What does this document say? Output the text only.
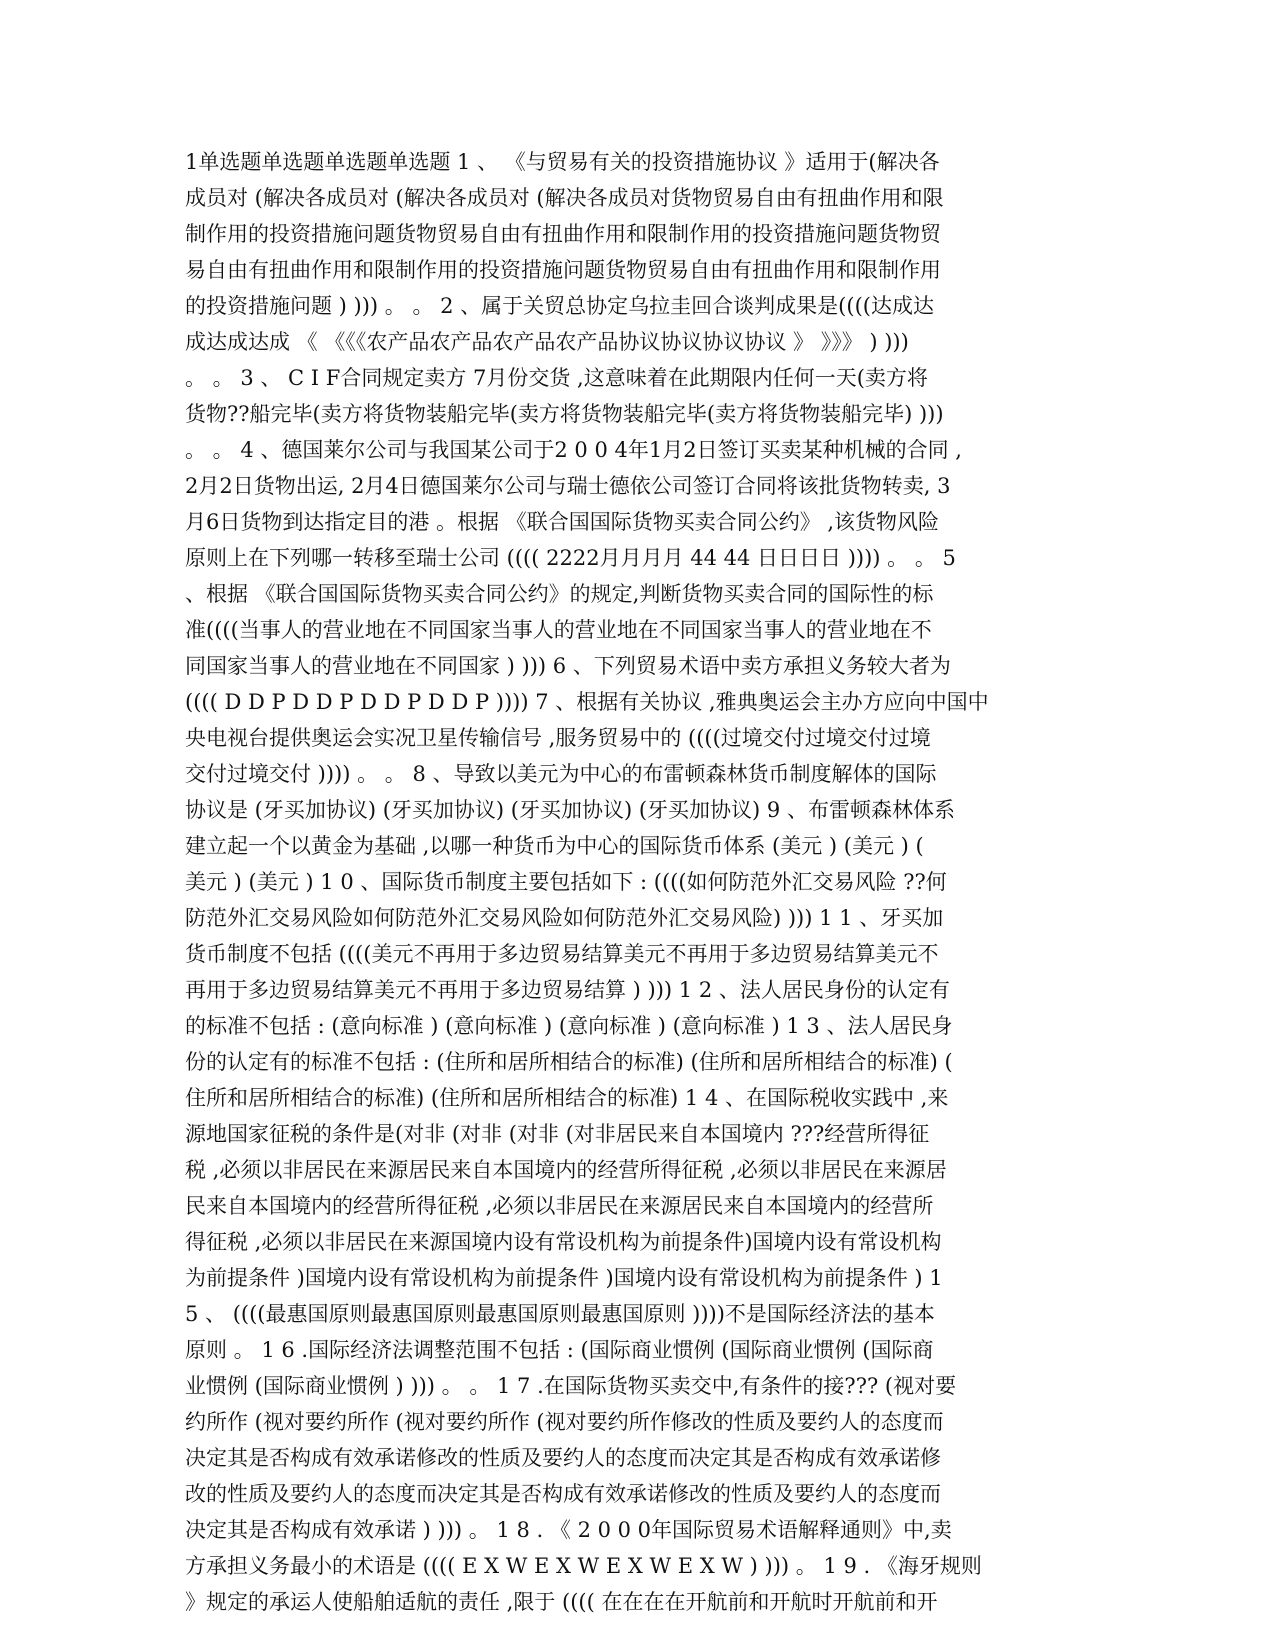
1单选题单选题单选题单选题 1 、 《与贸易有关的投资措施协议 》适用于(解决各
成员对 (解决各成员对 (解决各成员对 (解决各成员对货物贸易自由有扭曲作用和限
制作用的投资措施问题货物贸易自由有扭曲作用和限制作用的投资措施问题货物贸
易自由有扭曲作用和限制作用的投资措施问题货物贸易自由有扭曲作用和限制作用
的投资措施问题 ) ))) 。 。 2 、属于关贸总协定乌拉圭回合谈判成果是((((达成达
成达成达成 《 《《《农产品农产品农产品农产品协议协议协议协议 》 》》》 ) )))
。 。 3 、 C I F合同规定卖方 7月份交货 ,这意味着在此期限内任何一天(卖方将
货物??船完毕(卖方将货物装船完毕(卖方将货物装船完毕(卖方将货物装船完毕) )))
。 。 4 、德国莱尔公司与我国某公司于2 0 0 4年1月2日签订买卖某种机械的合同 ,
2月2日货物出运, 2月4日德国莱尔公司与瑞士德依公司签订合同将该批货物转卖, 3
月6日货物到达指定目的港 。根据 《联合国国际货物买卖合同公约》 ,该货物风险
原则上在下列哪一转移至瑞士公司 (((( 2222月月月月 44 44 日日日日 )))) 。 。 5
、根据 《联合国国际货物买卖合同公约》的规定,判断货物买卖合同的国际性的标
准((((当事人的营业地在不同国家当事人的营业地在不同国家当事人的营业地在不
同国家当事人的营业地在不同国家 ) ))) 6 、下列贸易术语中卖方承担义务较大者为
(((( D D P D D P D D P D D P )))) 7 、根据有关协议 ,雅典奥运会主办方应向中国中
央电视台提供奥运会实况卫星传输信号 ,服务贸易中的 ((((过境交付过境交付过境
交付过境交付 )))) 。 。 8 、导致以美元为中心的布雷顿森林货币制度解体的国际
协议是 (牙买加协议) (牙买加协议) (牙买加协议) (牙买加协议) 9 、布雷顿森林体系
建立起一个以黄金为基础 ,以哪一种货币为中心的国际货币体系 (美元 ) (美元 ) (
美元 ) (美元 ) 1 0 、国际货币制度主要包括如下 : ((((如何防范外汇交易风险 ??何
防范外汇交易风险如何防范外汇交易风险如何防范外汇交易风险) ))) 1 1 、牙买加
货币制度不包括 ((((美元不再用于多边贸易结算美元不再用于多边贸易结算美元不
再用于多边贸易结算美元不再用于多边贸易结算 ) ))) 1 2 、法人居民身份的认定有
的标准不包括 : (意向标准 ) (意向标准 ) (意向标准 ) (意向标准 ) 1 3 、法人居民身
份的认定有的标准不包括 : (住所和居所相结合的标准) (住所和居所相结合的标准) (
住所和居所相结合的标准) (住所和居所相结合的标准) 1 4 、在国际税收实践中 ,来
源地国家征税的条件是(对非 (对非 (对非 (对非居民来自本国境内 ???经营所得征
税 ,必须以非居民在来源居民来自本国境内的经营所得征税 ,必须以非居民在来源居
民来自本国境内的经营所得征税 ,必须以非居民在来源居民来自本国境内的经营所
得征税 ,必须以非居民在来源国境内设有常设机构为前提条件)国境内设有常设机构
为前提条件 )国境内设有常设机构为前提条件 )国境内设有常设机构为前提条件 ) 1
5 、 ((((最惠国原则最惠国原则最惠国原则最惠国原则 ))))不是国际经济法的基本
原则 。 1 6 .国际经济法调整范围不包括 : (国际商业惯例 (国际商业惯例 (国际商
业惯例 (国际商业惯例 ) ))) 。 。 1 7 .在国际货物买卖交中,有条件的接??? (视对要
约所作 (视对要约所作 (视对要约所作 (视对要约所作修改的性质及要约人的态度而
决定其是否构成有效承诺修改的性质及要约人的态度而决定其是否构成有效承诺修
改的性质及要约人的态度而决定其是否构成有效承诺修改的性质及要约人的态度而
决定其是否构成有效承诺 ) ))) 。 1 8 . 《 2 0 0 0年国际贸易术语解释通则》中,卖
方承担义务最小的术语是 (((( E X W E X W E X W E X W ) ))) 。 1 9 . 《海牙规则
》规定的承运人使船舶适航的责任 ,限于 (((( 在在在在开航前和开航时开航前和开
